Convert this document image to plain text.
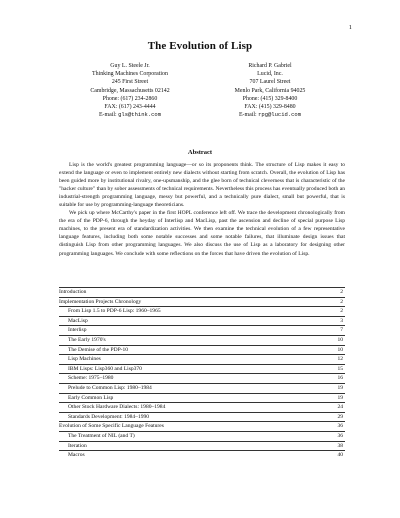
1
The Evolution of Lisp
Guy L. Steele Jr.
Thinking Machines Corporation
245 First Street
Cambridge, Massachusetts 02142
Phone: (617) 234-2860
FAX: (617) 243-4444
E-mail: gls@think.com
Richard P. Gabriel
Lucid, Inc.
707 Laurel Street
Menlo Park, California 94025
Phone: (415) 329-8400
FAX: (415) 329-8480
E-mail: rpg@lucid.com
Abstract

Lisp is the world's greatest programming language—or so its proponents think. The structure of Lisp makes it easy to extend the language or even to implement entirely new dialects without starting from scratch. Overall, the evolution of Lisp has been guided more by institutional rivalry, one-upsmanship, and the glee born of technical cleverness that is characteristic of the "hacker culture" than by sober assessments of technical requirements. Nevertheless this process has eventually produced both an industrial-strength programming language, messy but powerful, and a technically pure dialect, small but powerful, that is suitable for use by programming-language theoreticians.

We pick up where McCarthy's paper in the first HOPL conference left off. We trace the development chronologically from the era of the PDP-6, through the heyday of Interlisp and MacLisp, past the ascension and decline of special purpose Lisp machines, to the present era of standardization activities. We then examine the technical evolution of a few representative language features, including both some notable successes and some notable failures, that illuminate design issues that distinguish Lisp from other programming languages. We also discuss the use of Lisp as a laboratory for designing other programming languages. We conclude with some reflections on the forces that have driven the evolution of Lisp.

Introduction	2
Implementation Projects Chronology	2
From Lisp 1.5 to PDP-6 Lisp: 1960–1965	2
MacLisp	3
Interlisp	7
The Early 1970's	10
The Demise of the PDP-10	10
Lisp Machines	12
IBM Lisps: Lisp360 and Lisp370	15
Scheme: 1975–1980	16
Prelude to Common Lisp: 1980–1984	19
Early Common Lisp	19
Other Stock Hardware Dialects: 1980–1984	24
Standards Development: 1984–1990	29
Evolution of Some Specific Language Features	36
The Treatment of NIL (and T)	36
Iteration	38
Macros	40
